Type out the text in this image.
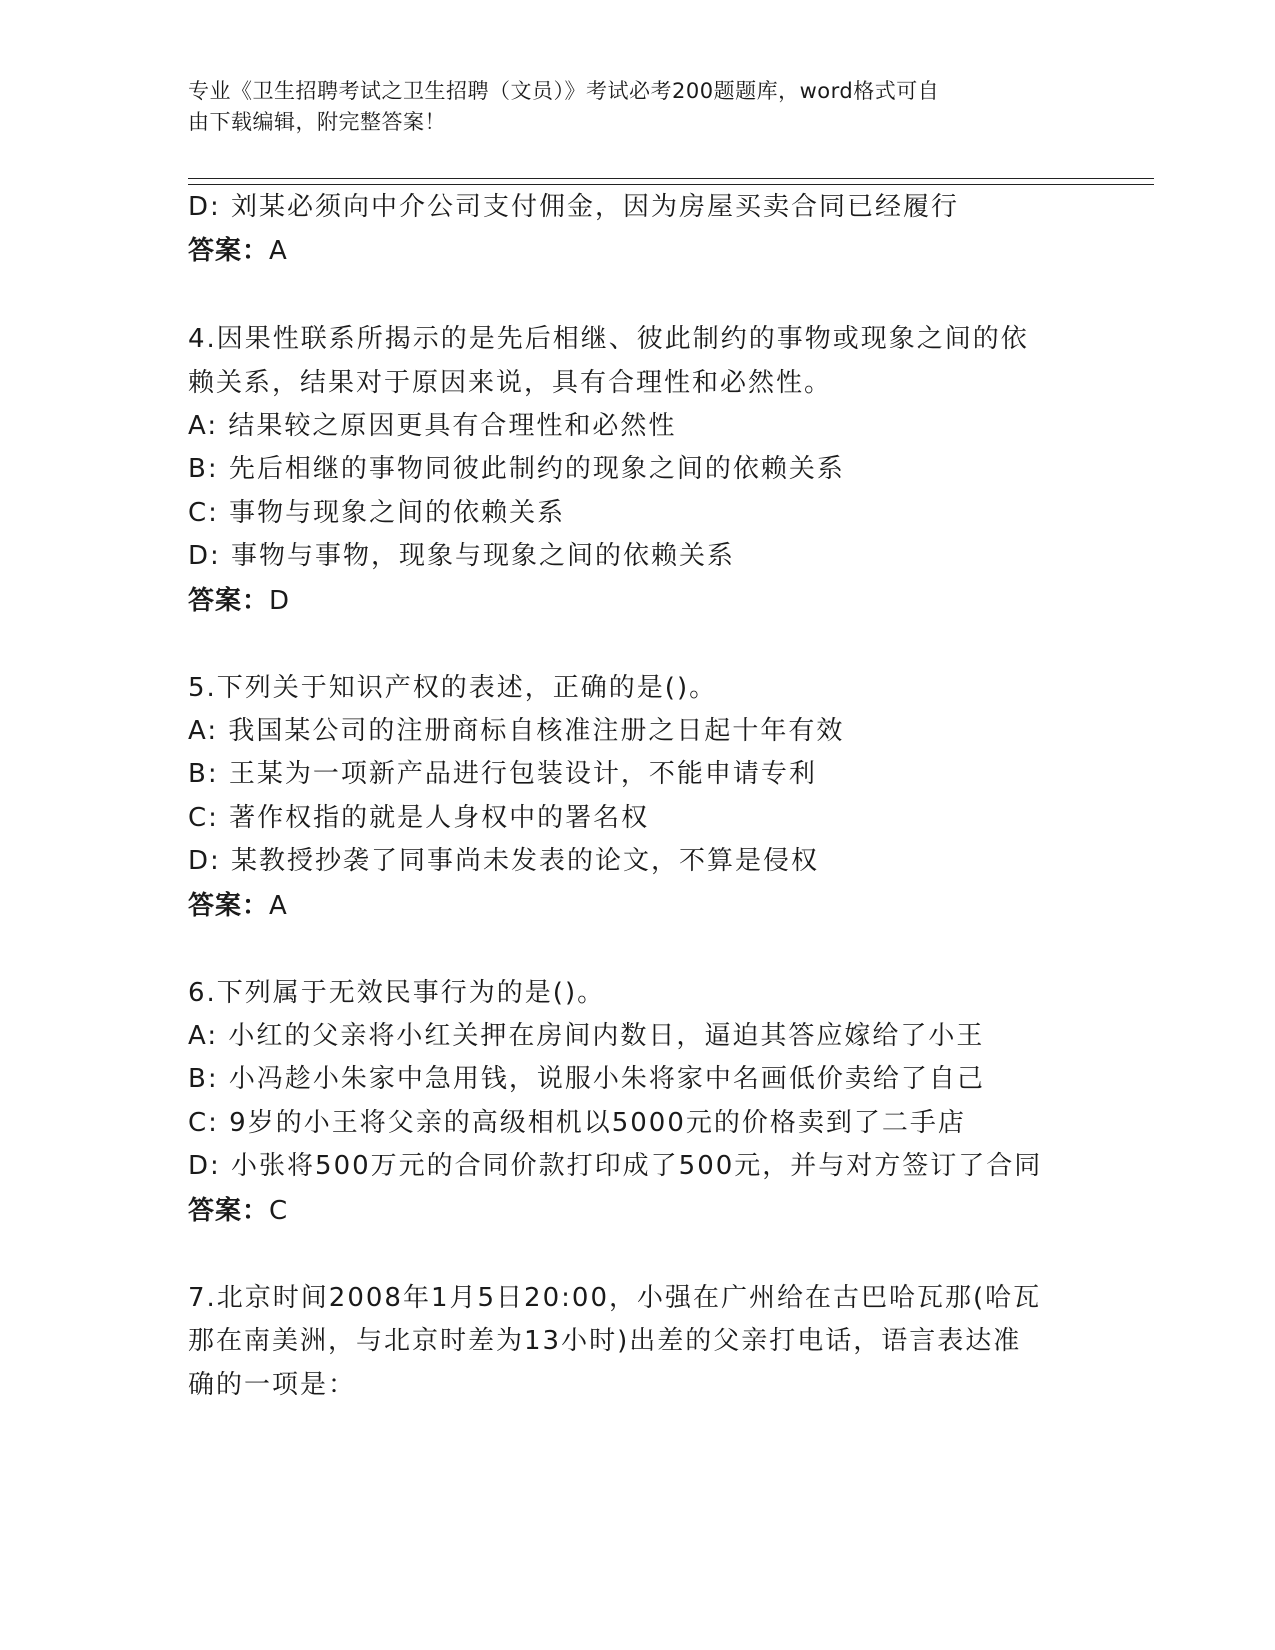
专业《卫生招聘考试之卫生招聘（文员）》考试必考200题题库，word格式可自
由下载编辑，附完整答案！
D: 刘某必须向中介公司支付佣金，因为房屋买卖合同已经履行
答案：A
4.因果性联系所揭示的是先后相继、彼此制约的事物或现象之间的依
赖关系，结果对于原因来说，具有合理性和必然性。
A: 结果较之原因更具有合理性和必然性
B: 先后相继的事物同彼此制约的现象之间的依赖关系
C: 事物与现象之间的依赖关系
D: 事物与事物，现象与现象之间的依赖关系
答案：D
5.下列关于知识产权的表述，正确的是()。
A: 我国某公司的注册商标自核准注册之日起十年有效
B: 王某为一项新产品进行包装设计，不能申请专利
C: 著作权指的就是人身权中的署名权
D: 某教授抄袭了同事尚未发表的论文，不算是侵权
答案：A
6.下列属于无效民事行为的是()。
A: 小红的父亲将小红关押在房间内数日，逼迫其答应嫁给了小王
B: 小冯趁小朱家中急用钱，说服小朱将家中名画低价卖给了自己
C: 9岁的小王将父亲的高级相机以5000元的价格卖到了二手店
D: 小张将500万元的合同价款打印成了500元，并与对方签订了合同
答案：C
7.北京时间2008年1月5日20:00，小强在广州给在古巴哈瓦那(哈瓦
那在南美洲，与北京时差为13小时)出差的父亲打电话，语言表达准
确的一项是：
